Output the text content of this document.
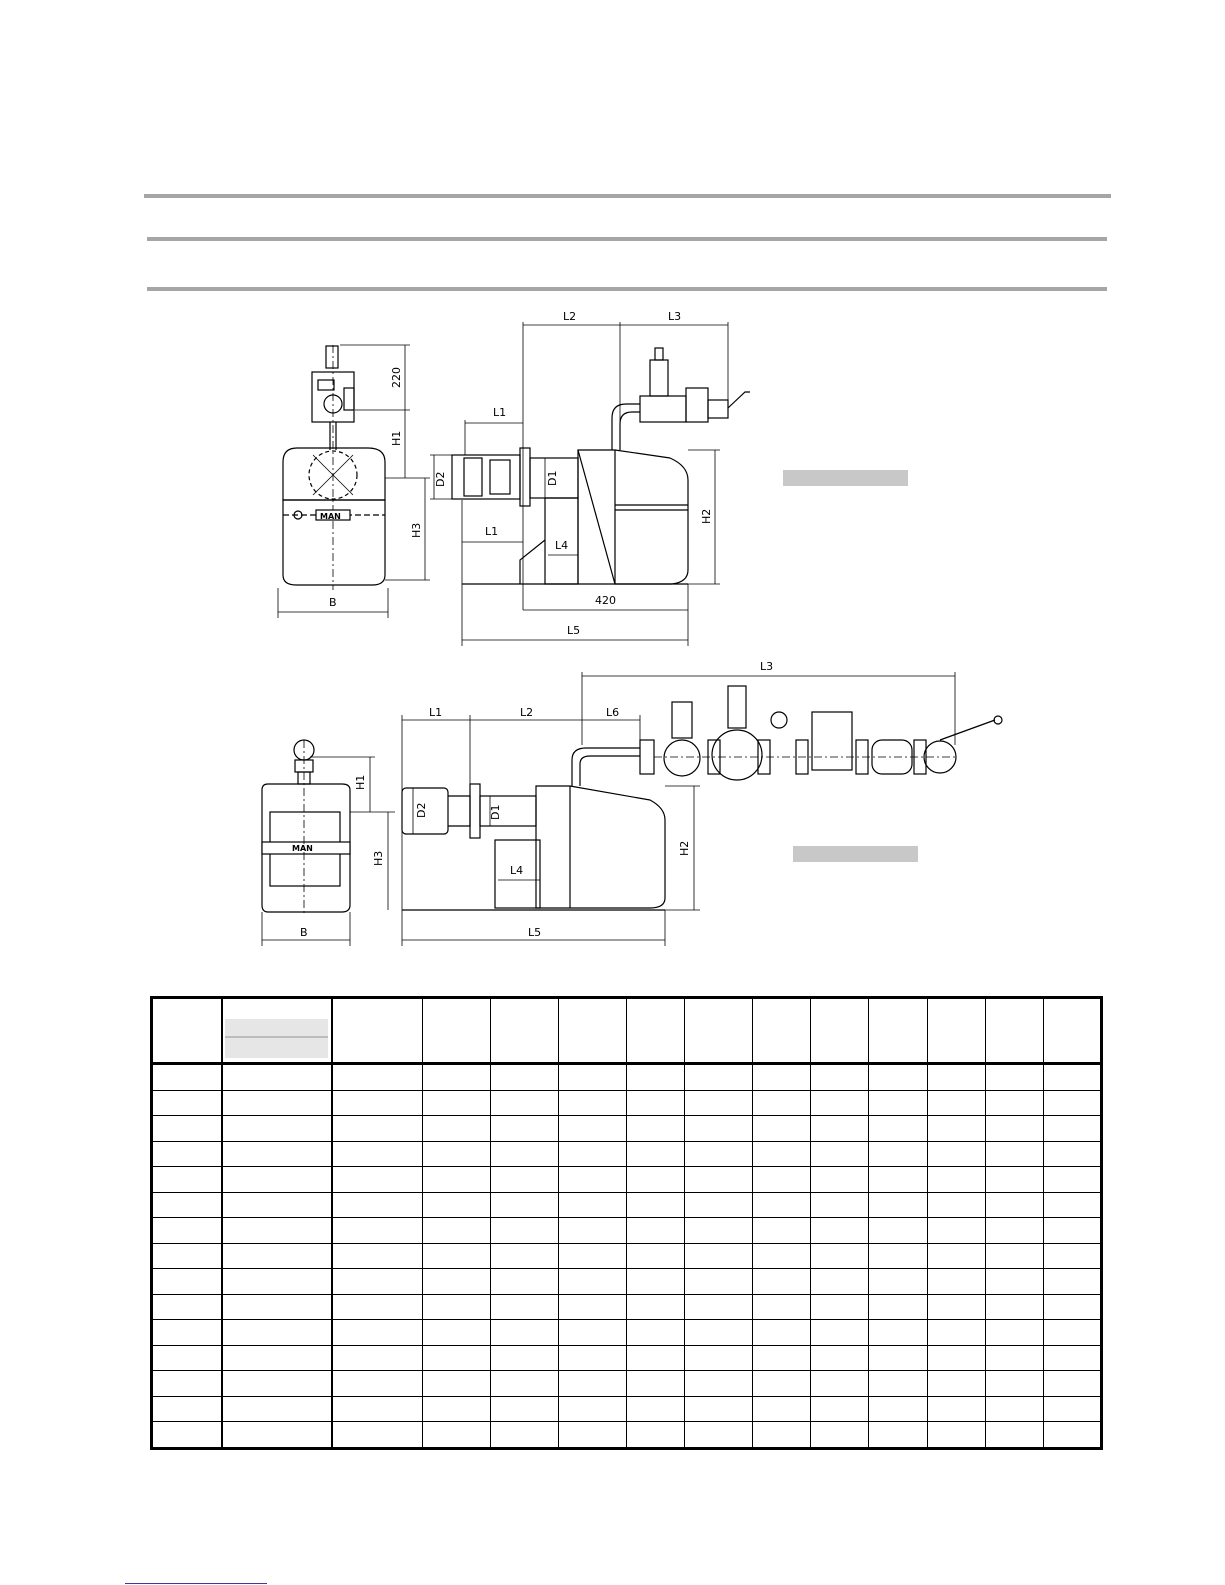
220
H1
H3
B
MAN
L2	L3
L1
D2	D1
L1
L4
H2
420
L5
H1
H3
B
MAN
L1	L2	L6
L3
D2	D1
L4
H2
L5
